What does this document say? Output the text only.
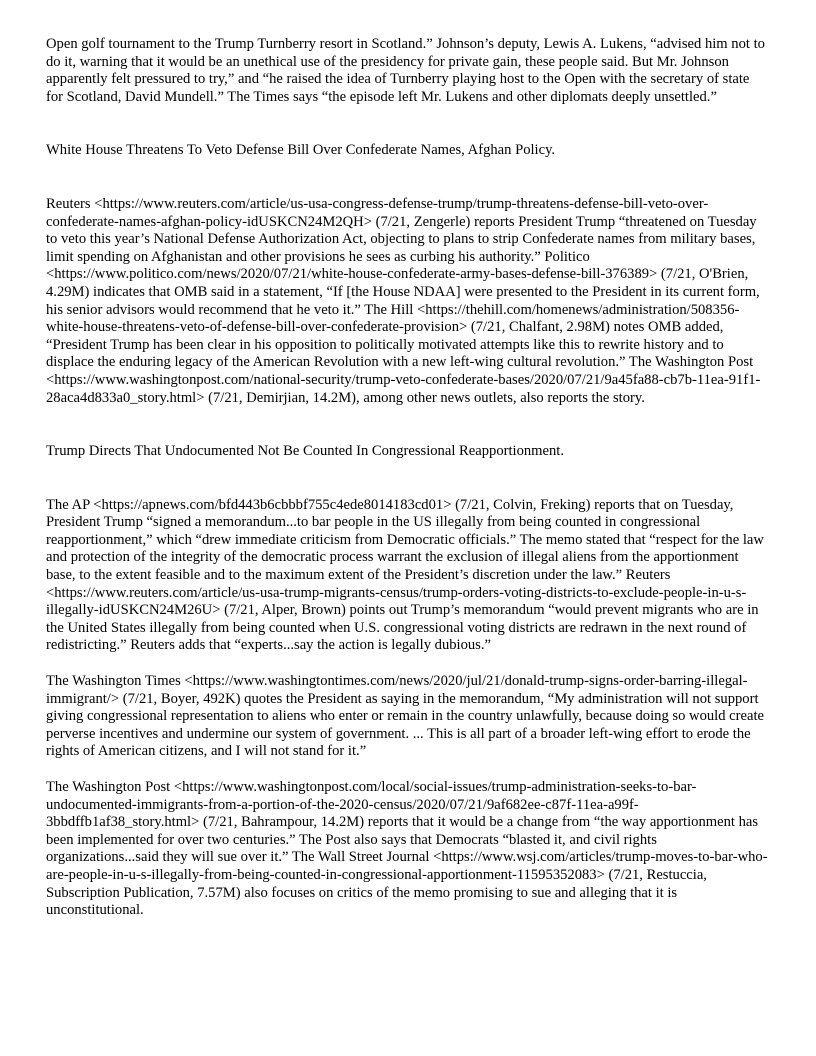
Open golf tournament to the Trump Turnberry resort in Scotland.” Johnson’s deputy, Lewis A. Lukens, “advised him not to do it, warning that it would be an unethical use of the presidency for private gain, these people said. But Mr. Johnson apparently felt pressured to try,” and “he raised the idea of Turnberry playing host to the Open with the secretary of state for Scotland, David Mundell.” The Times says “the episode left Mr. Lukens and other diplomats deeply unsettled.”

White House Threatens To Veto Defense Bill Over Confederate Names, Afghan Policy.

Reuters <https://www.reuters.com/article/us-usa-congress-defense-trump/trump-threatens-defense-bill-veto-over-confederate-names-afghan-policy-idUSKCN24M2QH> (7/21, Zengerle) reports President Trump “threatened on Tuesday to veto this year’s National Defense Authorization Act, objecting to plans to strip Confederate names from military bases, limit spending on Afghanistan and other provisions he sees as curbing his authority.” Politico <https://www.politico.com/news/2020/07/21/white-house-confederate-army-bases-defense-bill-376389> (7/21, O'Brien, 4.29M) indicates that OMB said in a statement, “If [the House NDAA] were presented to the President in its current form, his senior advisors would recommend that he veto it.” The Hill <https://thehill.com/homenews/administration/508356-white-house-threatens-veto-of-defense-bill-over-confederate-provision> (7/21, Chalfant, 2.98M) notes OMB added, “President Trump has been clear in his opposition to politically motivated attempts like this to rewrite history and to displace the enduring legacy of the American Revolution with a new left-wing cultural revolution.” The Washington Post <https://www.washingtonpost.com/national-security/trump-veto-confederate-bases/2020/07/21/9a45fa88-cb7b-11ea-91f1-28aca4d833a0_story.html> (7/21, Demirjian, 14.2M), among other news outlets, also reports the story.

Trump Directs That Undocumented Not Be Counted In Congressional Reapportionment.

The AP <https://apnews.com/bfd443b6cbbbf755c4ede8014183cd01> (7/21, Colvin, Freking) reports that on Tuesday, President Trump “signed a memorandum...to bar people in the US illegally from being counted in congressional reapportionment,” which “drew immediate criticism from Democratic officials.” The memo stated that “respect for the law and protection of the integrity of the democratic process warrant the exclusion of illegal aliens from the apportionment base, to the extent feasible and to the maximum extent of the President’s discretion under the law.” Reuters <https://www.reuters.com/article/us-usa-trump-migrants-census/trump-orders-voting-districts-to-exclude-people-in-u-s-illegally-idUSKCN24M26U> (7/21, Alper, Brown) points out Trump’s memorandum “would prevent migrants who are in the United States illegally from being counted when U.S. congressional voting districts are redrawn in the next round of redistricting.” Reuters adds that “experts...say the action is legally dubious.”

The Washington Times <https://www.washingtontimes.com/news/2020/jul/21/donald-trump-signs-order-barring-illegal-immigrant/> (7/21, Boyer, 492K) quotes the President as saying in the memorandum, “My administration will not support giving congressional representation to aliens who enter or remain in the country unlawfully, because doing so would create perverse incentives and undermine our system of government. ... This is all part of a broader left-wing effort to erode the rights of American citizens, and I will not stand for it.”

The Washington Post <https://www.washingtonpost.com/local/social-issues/trump-administration-seeks-to-bar-undocumented-immigrants-from-a-portion-of-the-2020-census/2020/07/21/9af682ee-c87f-11ea-a99f-3bbdffb1af38_story.html> (7/21, Bahrampour, 14.2M) reports that it would be a change from “the way apportionment has been implemented for over two centuries.” The Post also says that Democrats “blasted it, and civil rights organizations...said they will sue over it.” The Wall Street Journal <https://www.wsj.com/articles/trump-moves-to-bar-who-are-people-in-u-s-illegally-from-being-counted-in-congressional-apportionment-11595352083> (7/21, Restuccia, Subscription Publication, 7.57M) also focuses on critics of the memo promising to sue and alleging that it is unconstitutional.
